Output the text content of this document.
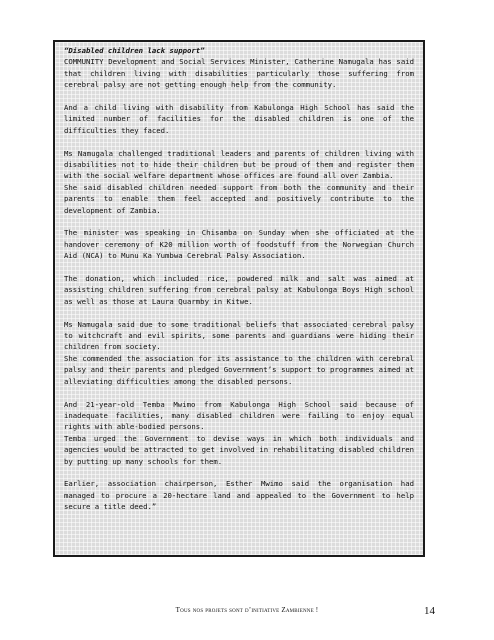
“Disabled children lack support”

COMMUNITY Development and Social Services Minister, Catherine Namugala has said that children living with disabilities particularly those suffering from cerebral palsy are not getting enough help from the community.

And a child living with disability from Kabulonga High School has said the limited number of facilities for the disabled children is one of the difficulties they faced.

Ms Namugala challenged traditional leaders and parents of children living with disabilities not to hide their children but be proud of them and register them with the social welfare department whose offices are found all over Zambia.

She said disabled children needed support from both the community and their parents to enable them feel accepted and positively contribute to the development of Zambia.

The minister was speaking in Chisamba on Sunday when she officiated at the handover ceremony of K20 million worth of foodstuff from the Norwegian Church Aid (NCA) to Munu Ka Yumbwa Cerebral Palsy Association.

The donation, which included rice, powdered milk and salt was aimed at assisting children suffering from cerebral palsy at Kabulonga Boys High school as well as those at Laura Quarmby in Kitwe.

Ms Namugala said due to some traditional beliefs that associated cerebral palsy to witchcraft and evil spirits, some parents and guardians were hiding their children from society.

She commended the association for its assistance to the children with cerebral palsy and their parents and pledged Government’s support to programmes aimed at alleviating difficulties among the disabled persons.

And 21-year-old Temba Mwimo from Kabulonga High School said because of inadequate facilities, many disabled children were failing to enjoy equal rights with able-bodied persons.

Temba urged the Government to devise ways in which both individuals and agencies would be attracted to get involved in rehabilitating disabled children by putting up many schools for them.

Earlier, association chairperson, Esther Mwimo said the organisation had managed to procure a 20-hectare land and appealed to the Government to help secure a title deed.”

Tous nos projets sont d’initiative Zambienne !	14
